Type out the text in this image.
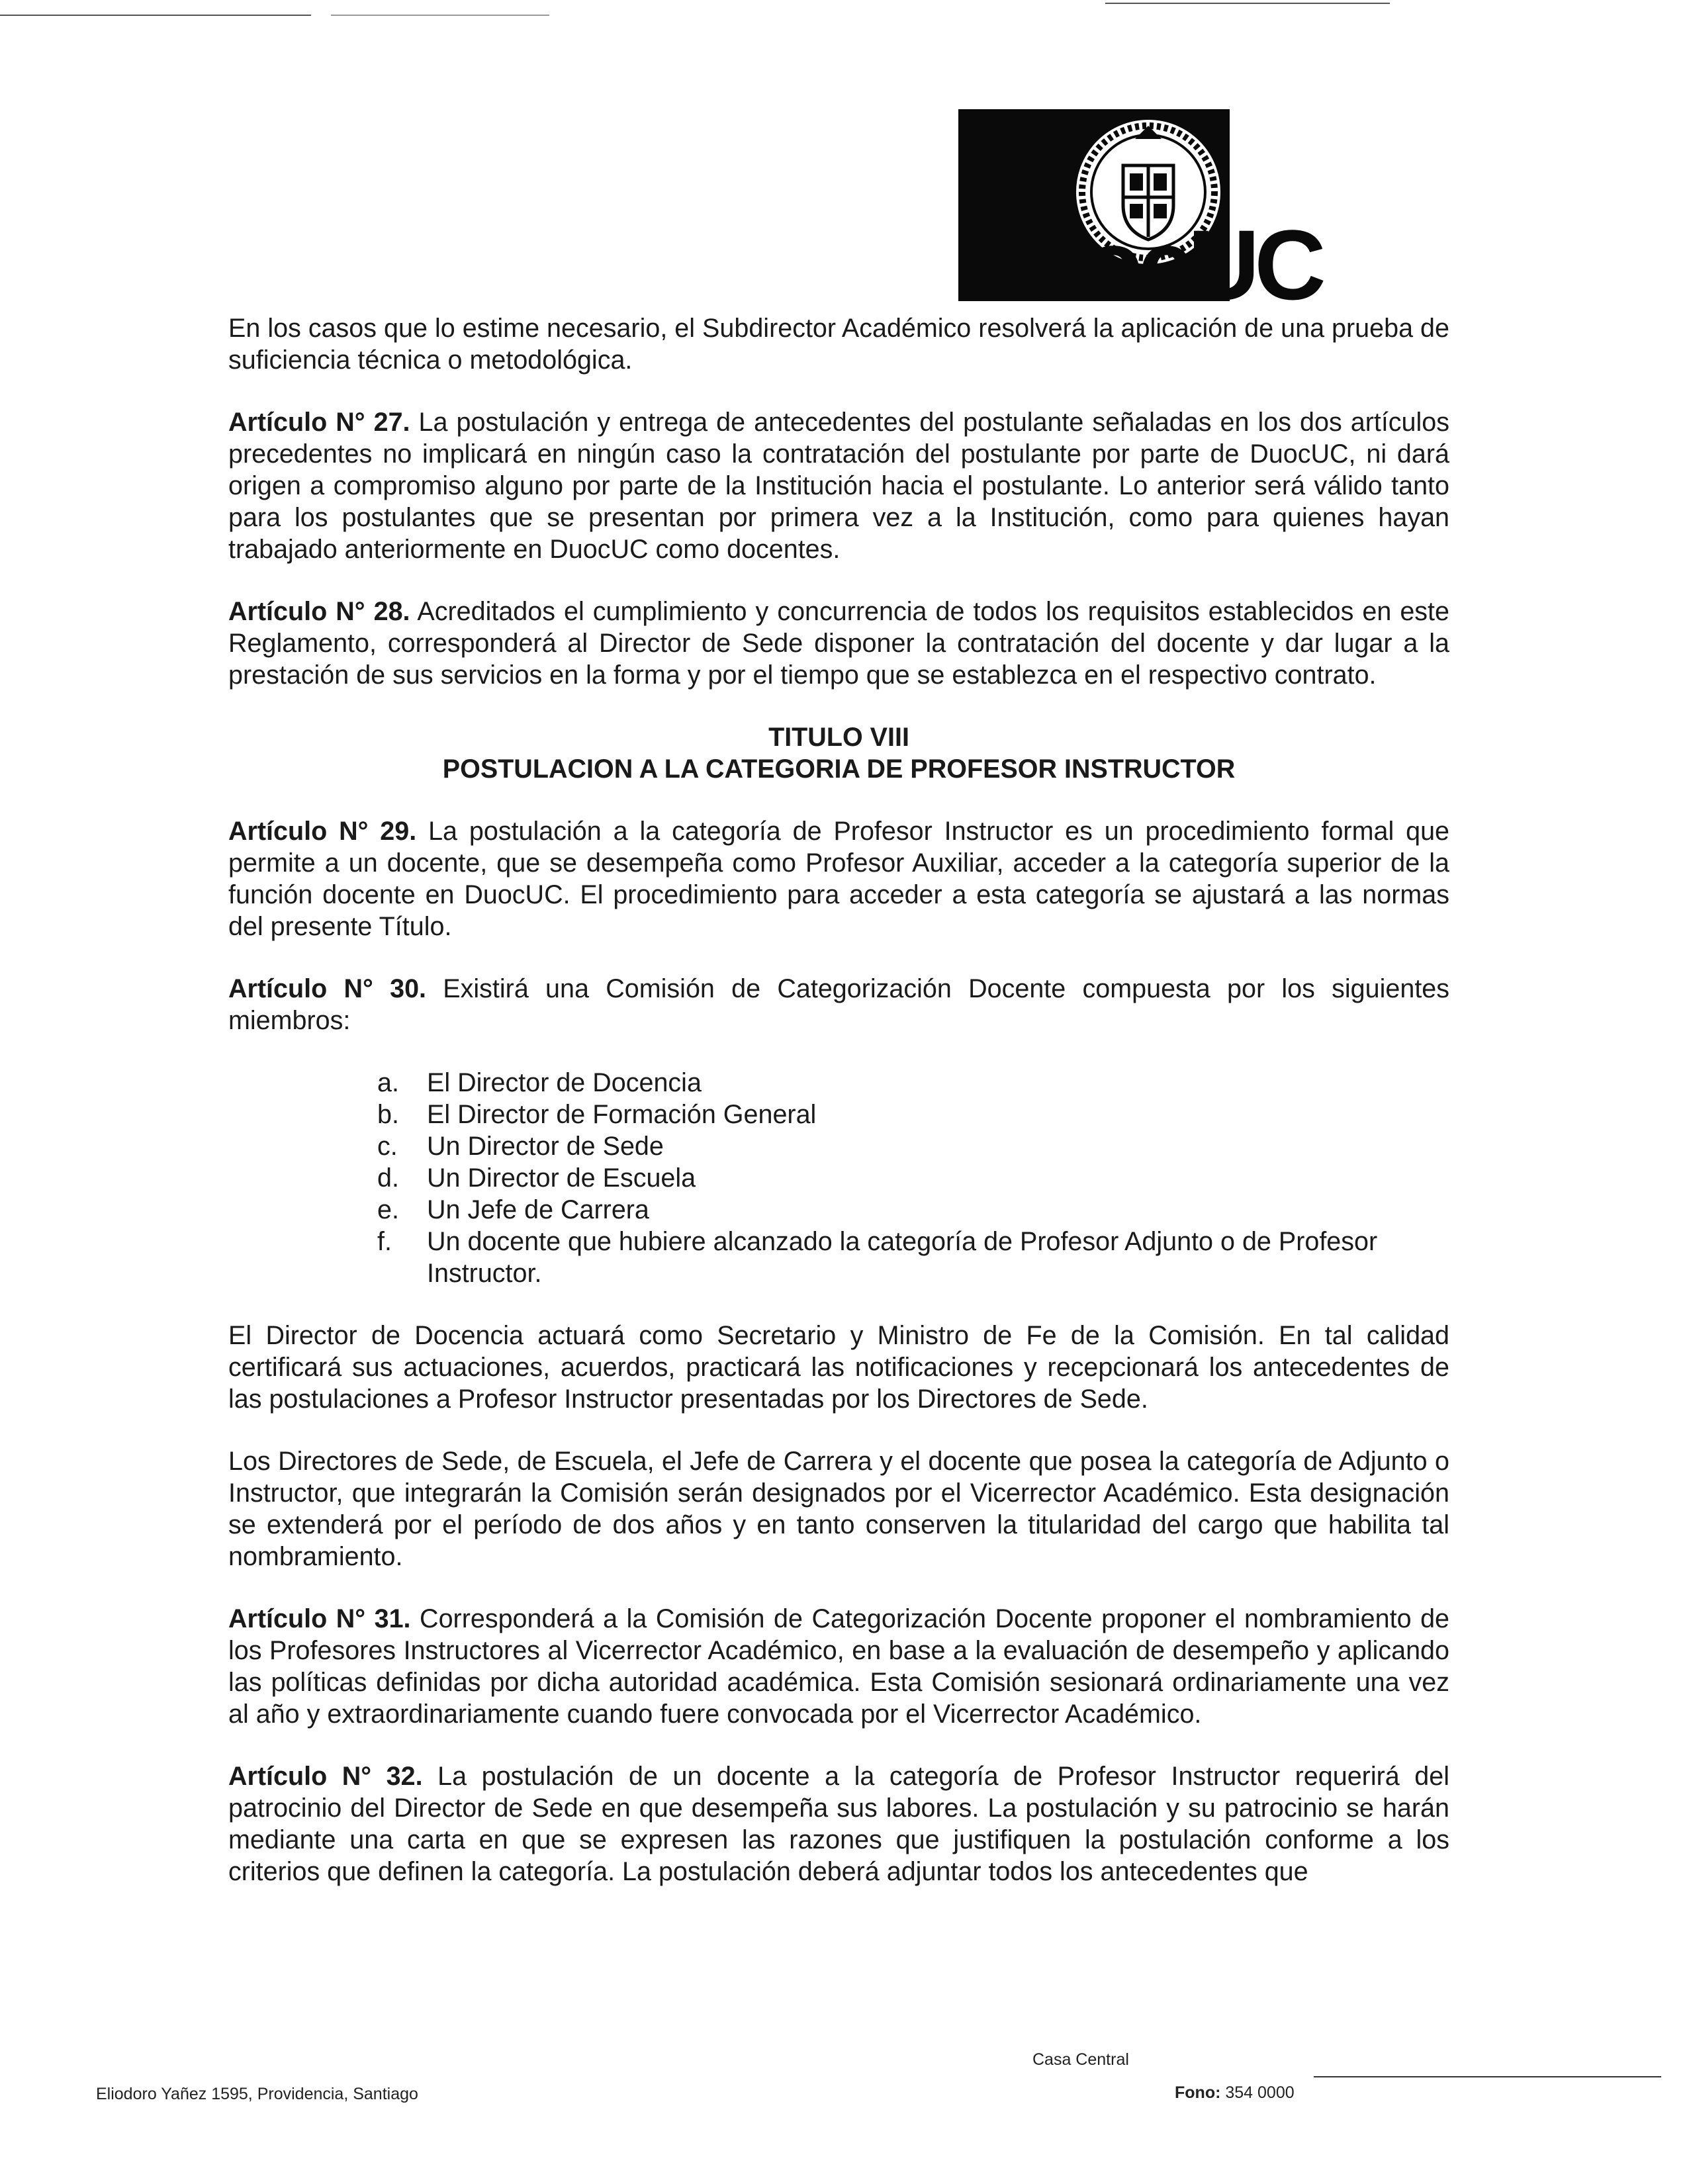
DuocUC

En los casos que lo estime necesario, el Subdirector Académico resolverá la aplicación de una prueba de suficiencia técnica o metodológica.

Artículo N° 27. La postulación y entrega de antecedentes del postulante señaladas en los dos artículos precedentes no implicará en ningún caso la contratación del postulante por parte de DuocUC, ni dará origen a compromiso alguno por parte de la Institución hacia el postulante. Lo anterior será válido tanto para los postulantes que se presentan por primera vez a la Institución, como para quienes hayan trabajado anteriormente en DuocUC como docentes.

Artículo N° 28. Acreditados el cumplimiento y concurrencia de todos los requisitos establecidos en este Reglamento, corresponderá al Director de Sede disponer la contratación del docente y dar lugar a la prestación de sus servicios en la forma y por el tiempo que se establezca en el respectivo contrato.

TITULO VIII
POSTULACION A LA CATEGORIA DE PROFESOR INSTRUCTOR

Artículo N° 29. La postulación a la categoría de Profesor Instructor es un procedimiento formal que permite a un docente, que se desempeña como Profesor Auxiliar, acceder a la categoría superior de la función docente en DuocUC. El procedimiento para acceder a esta categoría se ajustará a las normas del presente Título.

Artículo N° 30. Existirá una Comisión de Categorización Docente compuesta por los siguientes miembros:

a. El Director de Docencia
b. El Director de Formación General
c. Un Director de Sede
d. Un Director de Escuela
e. Un Jefe de Carrera
f. Un docente que hubiere alcanzado la categoría de Profesor Adjunto o de Profesor Instructor.

El Director de Docencia actuará como Secretario y Ministro de Fe de la Comisión. En tal calidad certificará sus actuaciones, acuerdos, practicará las notificaciones y recepcionará los antecedentes de las postulaciones a Profesor Instructor presentadas por los Directores de Sede.

Los Directores de Sede, de Escuela, el Jefe de Carrera y el docente que posea la categoría de Adjunto o Instructor, que integrarán la Comisión serán designados por el Vicerrector Académico. Esta designación se extenderá por el período de dos años y en tanto conserven la titularidad del cargo que habilita tal nombramiento.

Artículo N° 31. Corresponderá a la Comisión de Categorización Docente proponer el nombramiento de los Profesores Instructores al Vicerrector Académico, en base a la evaluación de desempeño y aplicando las políticas definidas por dicha autoridad académica. Esta Comisión sesionará ordinariamente una vez al año y extraordinariamente cuando fuere convocada por el Vicerrector Académico.

Artículo N° 32. La postulación de un docente a la categoría de Profesor Instructor requerirá del patrocinio del Director de Sede en que desempeña sus labores. La postulación y su patrocinio se harán mediante una carta en que se expresen las razones que justifiquen la postulación conforme a los criterios que definen la categoría. La postulación deberá adjuntar todos los antecedentes que

Eliodoro Yañez 1595, Providencia, Santiago
Casa Central
Fono: 354 0000
